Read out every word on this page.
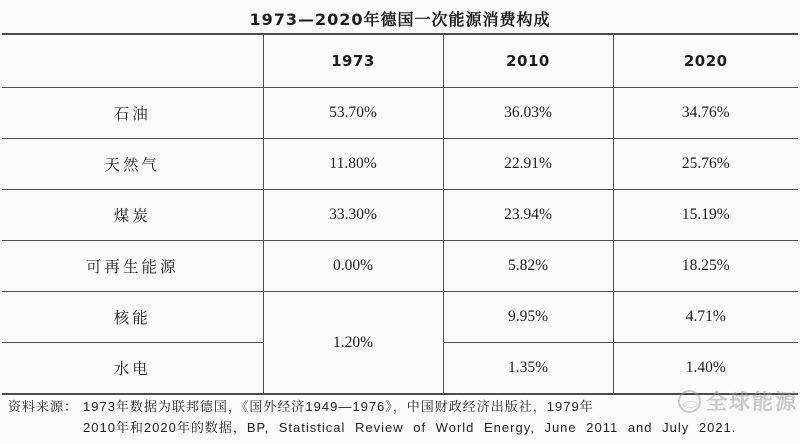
1973—2020年德国一次能源消费构成
	1973	2010	2020
石油	53.70%	36.03%	34.76%
天然气	11.80%	22.91%	25.76%
煤炭	33.30%	23.94%	15.19%
可再生能源	0.00%	5.82%	18.25%
核能	1.20%	9.95%	4.71%
水电		1.35%	1.40%
资料来源： 1973年数据为联邦德国，《国外经济1949—1976》，中国财政经济出版社，1979年
2010年和2020年的数据，BP, Statistical Review of World Energy, June 2011 and July 2021.
全球能源
